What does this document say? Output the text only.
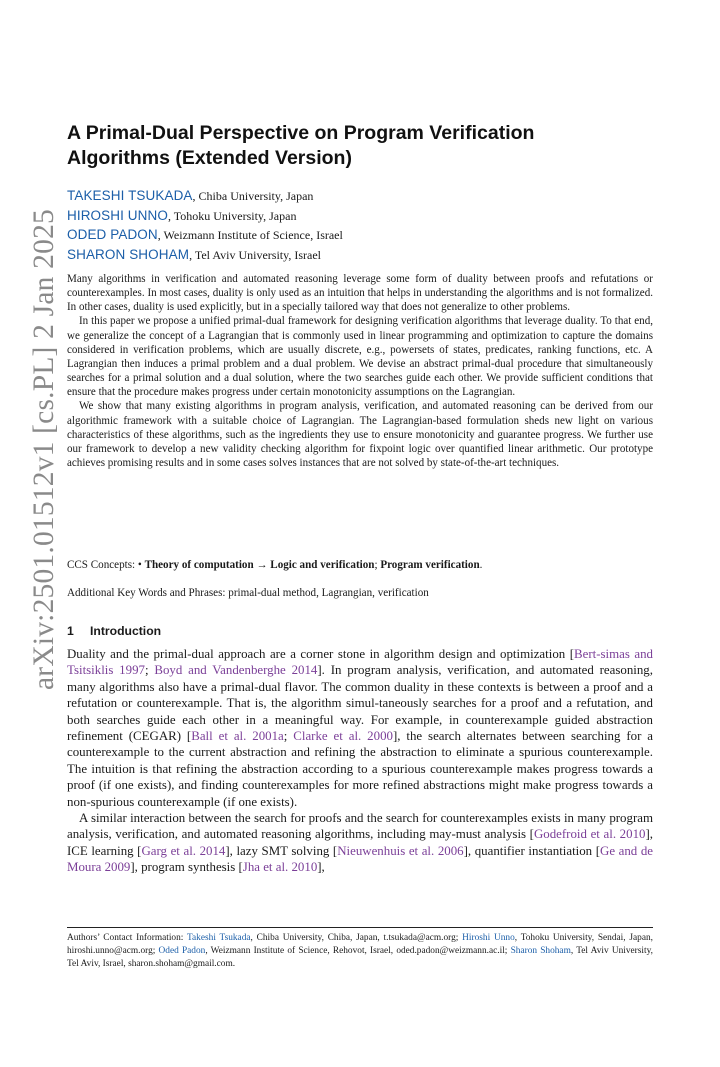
arXiv:2501.01512v1 [cs.PL] 2 Jan 2025
A Primal-Dual Perspective on Program Verification
Algorithms (Extended Version)
TAKESHI TSUKADA, Chiba University, Japan
HIROSHI UNNO, Tohoku University, Japan
ODED PADON, Weizmann Institute of Science, Israel
SHARON SHOHAM, Tel Aviv University, Israel

Many algorithms in verification and automated reasoning leverage some form of duality between proofs and refutations or counterexamples. In most cases, duality is only used as an intuition that helps in understanding the algorithms and is not formalized. In other cases, duality is used explicitly, but in a specially tailored way that does not generalize to other problems.

In this paper we propose a unified primal-dual framework for designing verification algorithms that leverage duality. To that end, we generalize the concept of a Lagrangian that is commonly used in linear programming and optimization to capture the domains considered in verification problems, which are usually discrete, e.g., powersets of states, predicates, ranking functions, etc. A Lagrangian then induces a primal problem and a dual problem. We devise an abstract primal-dual procedure that simultaneously searches for a primal solution and a dual solution, where the two searches guide each other. We provide sufficient conditions that ensure that the procedure makes progress under certain monotonicity assumptions on the Lagrangian.

We show that many existing algorithms in program analysis, verification, and automated reasoning can be derived from our algorithmic framework with a suitable choice of Lagrangian. The Lagrangian-based formulation sheds new light on various characteristics of these algorithms, such as the ingredients they use to ensure monotonicity and guarantee progress. We further use our framework to develop a new validity checking algorithm for fixpoint logic over quantified linear arithmetic. Our prototype achieves promising results and in some cases solves instances that are not solved by state-of-the-art techniques.

CCS Concepts: • Theory of computation → Logic and verification; Program verification.
Additional Key Words and Phrases: primal-dual method, Lagrangian, verification
1 Introduction

Duality and the primal-dual approach are a corner stone in algorithm design and optimization [Bert-simas and Tsitsiklis 1997; Boyd and Vandenberghe 2014]. In program analysis, verification, and automated reasoning, many algorithms also have a primal-dual flavor. The common duality in these contexts is between a proof and a refutation or counterexample. That is, the algorithm simul-taneously searches for a proof and a refutation, and both searches guide each other in a meaningful way. For example, in counterexample guided abstraction refinement (CEGAR) [Ball et al. 2001a; Clarke et al. 2000], the search alternates between searching for a counterexample to the current abstraction and refining the abstraction to eliminate a spurious counterexample. The intuition is that refining the abstraction according to a spurious counterexample makes progress towards a proof (if one exists), and finding counterexamples for more refined abstractions might make progress towards a non-spurious counterexample (if one exists).

A similar interaction between the search for proofs and the search for counterexamples exists in many program analysis, verification, and automated reasoning algorithms, including may-must analysis [Godefroid et al. 2010], ICE learning [Garg et al. 2014], lazy SMT solving [Nieuwenhuis et al. 2006], quantifier instantiation [Ge and de Moura 2009], program synthesis [Jha et al. 2010],

Authors’ Contact Information: Takeshi Tsukada, Chiba University, Chiba, Japan, t.tsukada@acm.org; Hiroshi Unno, Tohoku University, Sendai, Japan, hiroshi.unno@acm.org; Oded Padon, Weizmann Institute of Science, Rehovot, Israel, oded.padon@weizmann.ac.il; Sharon Shoham, Tel Aviv University, Tel Aviv, Israel, sharon.shoham@gmail.com.
